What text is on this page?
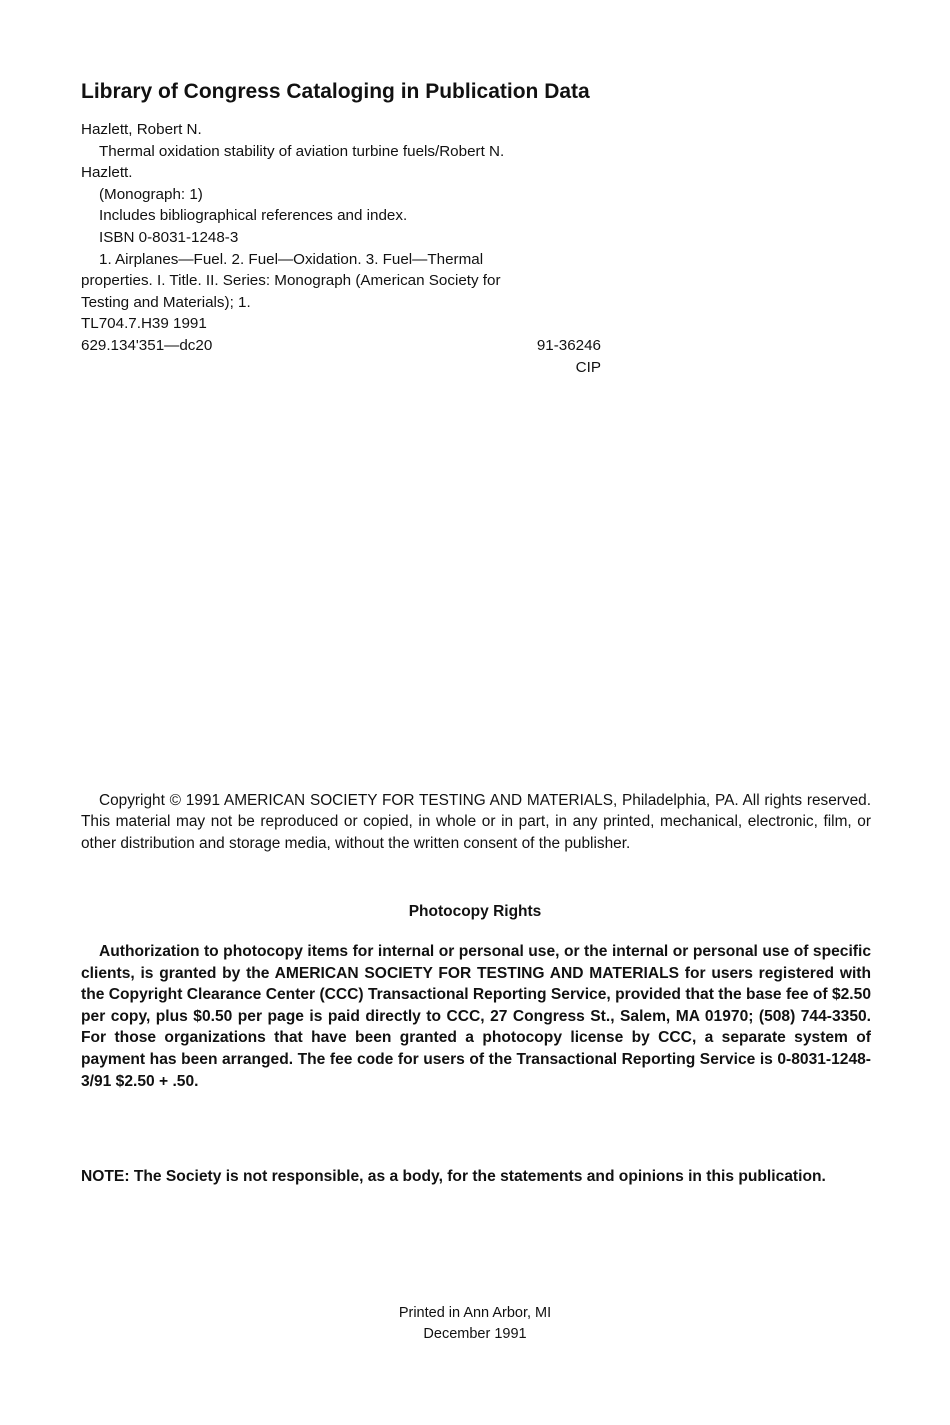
Library of Congress Cataloging in Publication Data
Hazlett, Robert N.
Thermal oxidation stability of aviation turbine fuels/Robert N.
Hazlett.
(Monograph: 1)
Includes bibliographical references and index.
ISBN 0-8031-1248-3
1. Airplanes—Fuel. 2. Fuel—Oxidation. 3. Fuel—Thermal
properties. I. Title. II. Series: Monograph (American Society for
Testing and Materials); 1.
TL704.7.H39 1991
629.134'351—dc20	91-36246
CIP
Copyright © 1991 AMERICAN SOCIETY FOR TESTING AND MATERIALS, Philadelphia, PA. All rights reserved. This material may not be reproduced or copied, in whole or in part, in any printed, mechanical, electronic, film, or other distribution and storage media, without the written consent of the publisher.
Photocopy Rights
Authorization to photocopy items for internal or personal use, or the internal or personal use of specific clients, is granted by the AMERICAN SOCIETY FOR TESTING AND MATERIALS for users registered with the Copyright Clearance Center (CCC) Transactional Reporting Service, provided that the base fee of $2.50 per copy, plus $0.50 per page is paid directly to CCC, 27 Congress St., Salem, MA 01970; (508) 744-3350. For those organizations that have been granted a photocopy license by CCC, a separate system of payment has been arranged. The fee code for users of the Transactional Reporting Service is 0-8031-1248-3/91 $2.50 + .50.
NOTE: The Society is not responsible, as a body, for the statements and opinions in this publication.
Printed in Ann Arbor, MI
December 1991
